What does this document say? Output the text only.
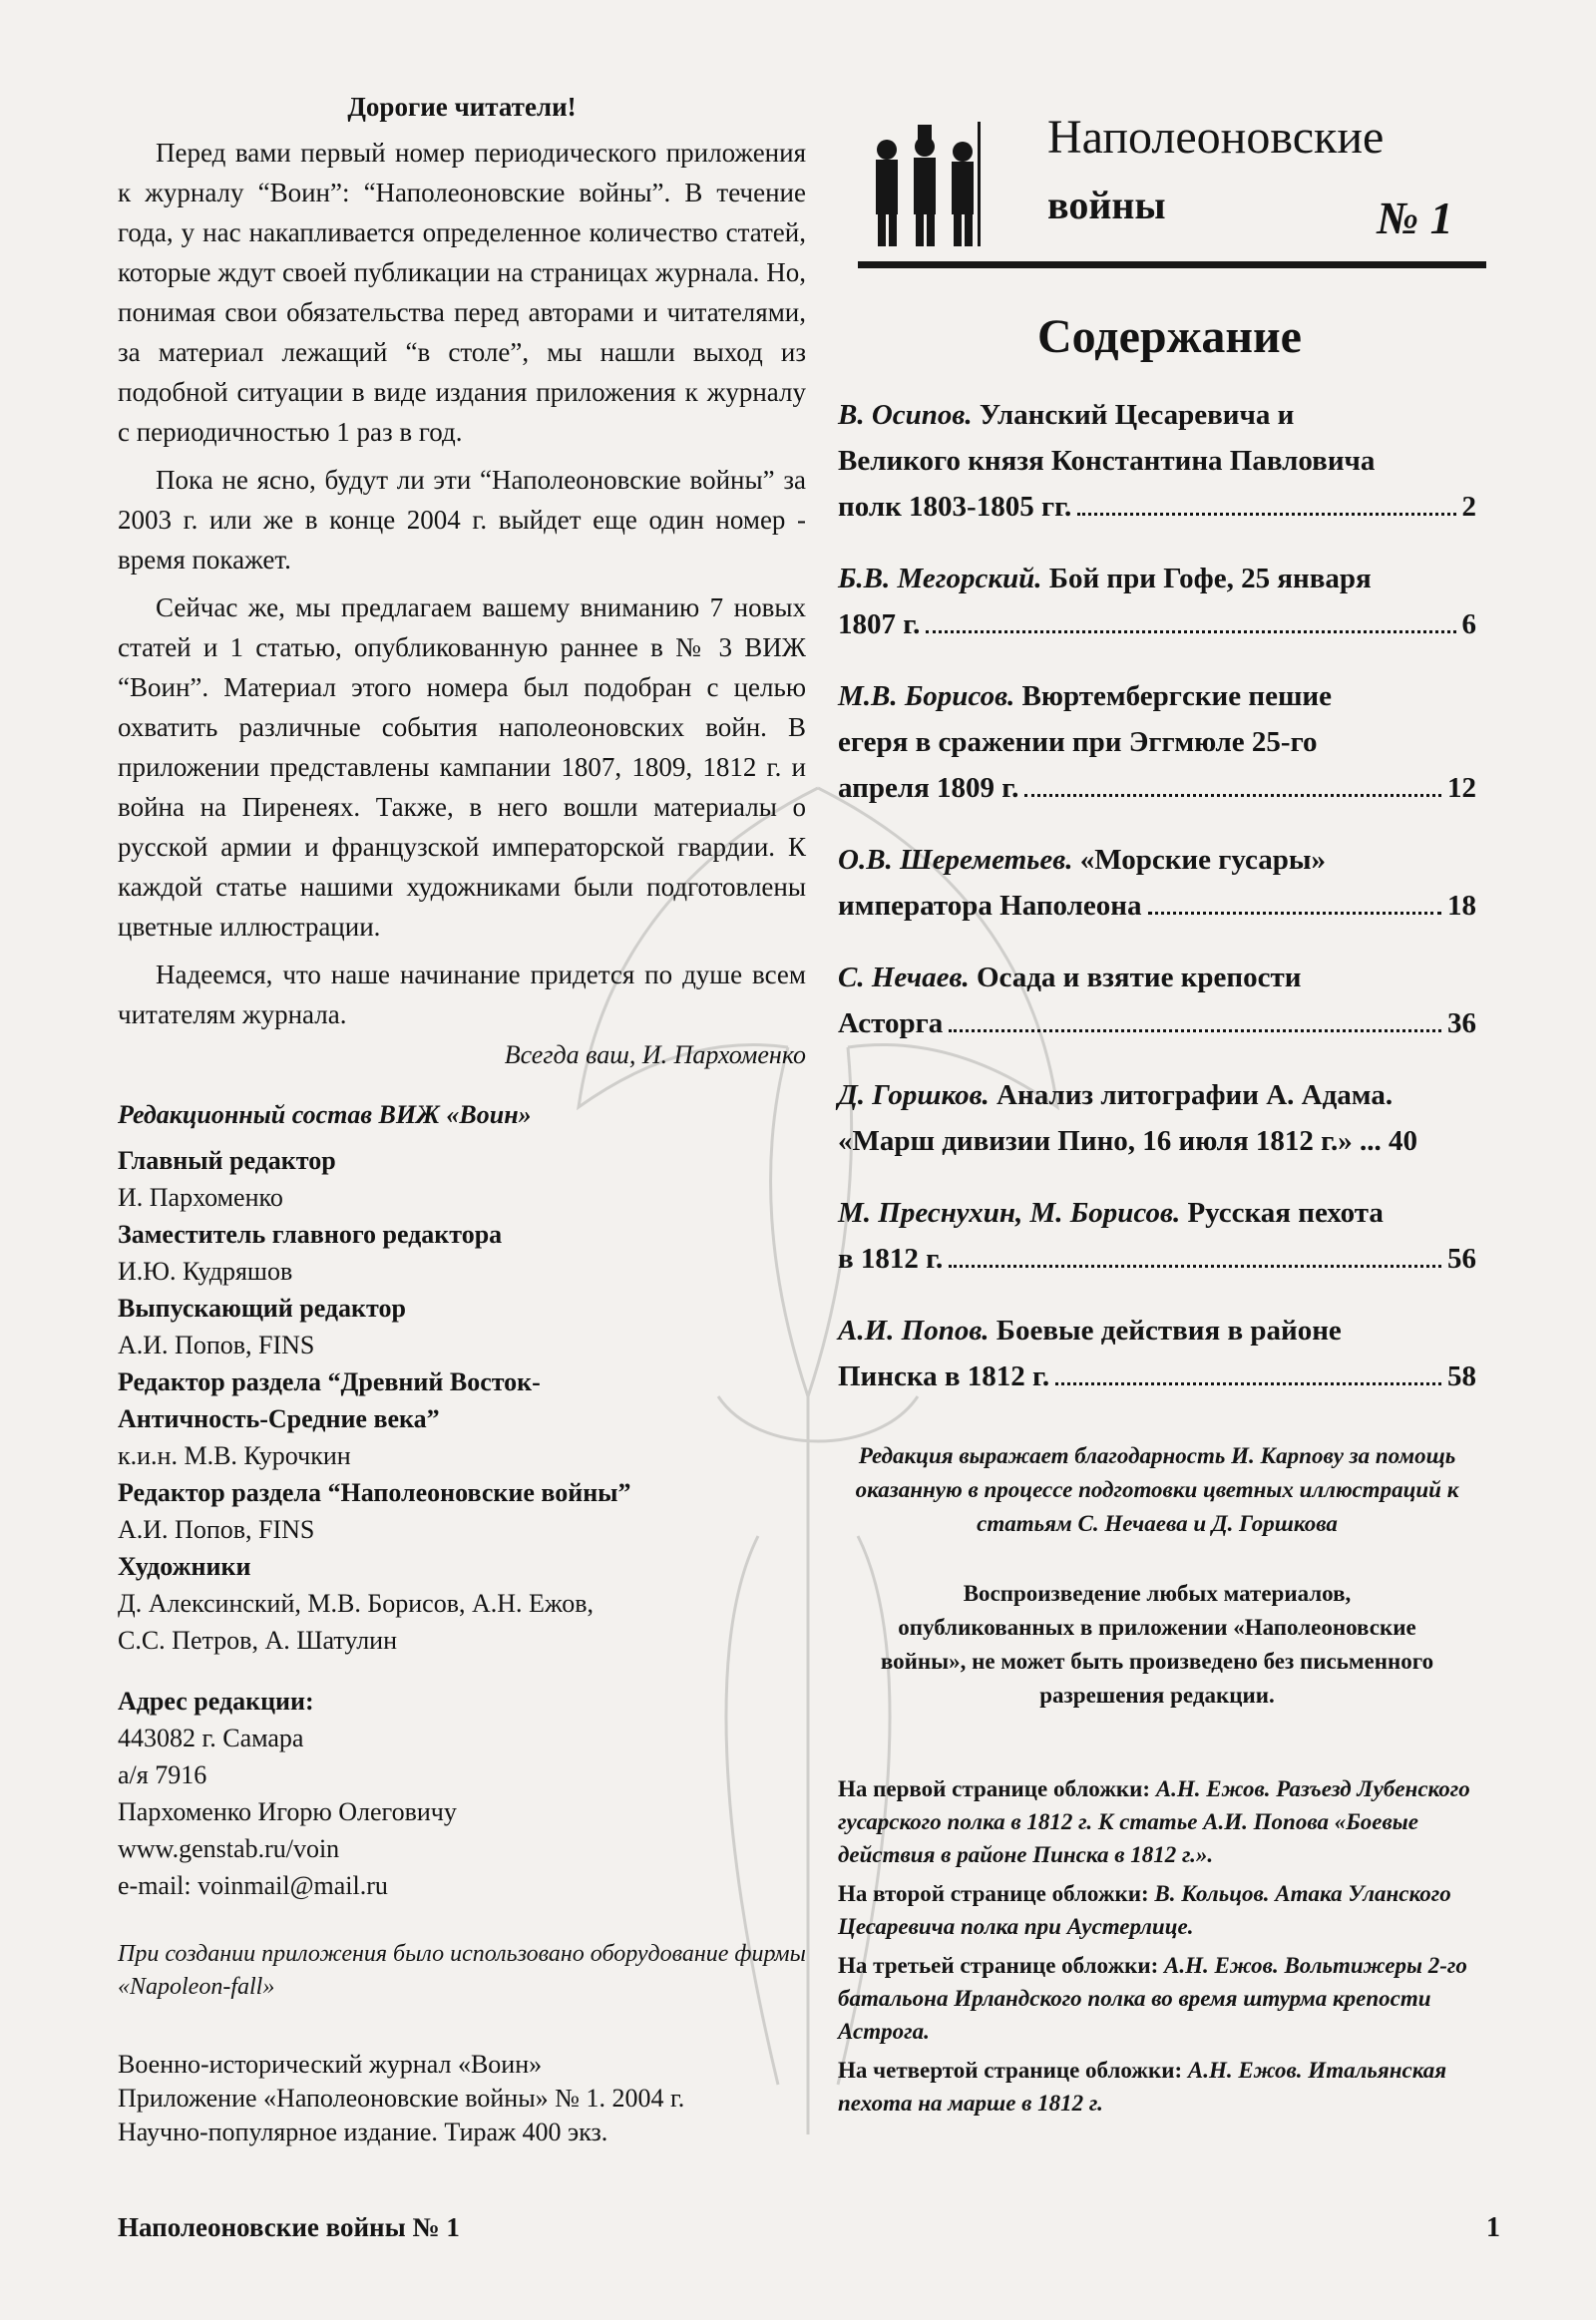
Дорогие читатели!

Перед вами первый номер периодического приложения к журналу “Воин”: “Наполеоновские войны”. В течение года, у нас накапливается определенное количество статей, которые ждут своей публикации на страницах журнала. Но, понимая свои обязательства перед авторами и читателями, за материал лежащий “в столе”, мы нашли выход из подобной ситуации в виде издания приложения к журналу с периодичностью 1 раз в год.

Пока не ясно, будут ли эти “Наполеоновские войны” за 2003 г. или же в конце 2004 г. выйдет еще один номер - время покажет.

Сейчас же, мы предлагаем вашему вниманию 7 новых статей и 1 статью, опубликованную раннее в № 3 ВИЖ “Воин”. Материал этого номера был подобран с целью охватить различные события наполеоновских войн. В приложении представлены кампании 1807, 1809, 1812 г. и война на Пиренеях. Также, в него вошли материалы о русской армии и французской императорской гвардии. К каждой статье нашими художниками были подготовлены цветные иллюстрации.

Надеемся, что наше начинание придется по душе всем читателям журнала.

Всегда ваш, И. Пархоменко
Редакционный состав ВИЖ «Воин»
Главный редактор
И. Пархоменко
Заместитель главного редактора
И.Ю. Кудряшов
Выпускающий редактор
А.И. Попов, FINS
Редактор раздела “Древний Восток-
Античность-Средние века”
к.и.н. М.В. Курочкин
Редактор раздела “Наполеоновские войны”
А.И. Попов, FINS
Художники
Д. Алексинский, М.В. Борисов, А.Н. Ежов,
С.С. Петров, А. Шатулин
Адрес редакции:
443082 г. Самара
а/я 7916
Пархоменко Игорю Олеговичу
www.genstab.ru/voin
e-mail: voinmail@mail.ru
При создании приложения было использовано оборудование фирмы «Napoleon-fall»
Военно-исторический журнал «Воин»
Приложение «Наполеоновские войны» № 1. 2004 г.
Научно-популярное издание. Тираж 400 экз.
Наполеоновские
войны	№ 1
Содержание
В. Осипов. Уланский Цесаревича и
Великого князя Константина Павловича
полк 1803-1805 гг.	2
Б.В. Мегорский. Бой при Гофе, 25 января
1807 г.	6
М.В. Борисов. Вюртембергские пешие
егеря в сражении при Эггмюле 25-го
апреля 1809 г.	12
О.В. Шереметьев. «Морские гусары»
императора Наполеона	18
С. Нечаев. Осада и взятие крепости
Асторга	36
Д. Горшков. Анализ литографии А. Адама.
«Марш дивизии Пино, 16 июля 1812 г.» ... 40
М. Преснухин, М. Борисов. Русская пехота
в 1812 г.	56
А.И. Попов. Боевые действия в районе
Пинска в 1812 г.	58
Редакция выражает благодарность И. Карпову за помощь оказанную в процессе подготовки цветных иллюстраций к статьям С. Нечаева и Д. Горшкова
Воспроизведение любых материалов, опубликованных в приложении «Наполеоновские войны», не может быть произведено без письменного разрешения редакции.
На первой странице обложки: А.Н. Ежов. Разъезд Лубенского гусарского полка в 1812 г. К статье А.И. Попова «Боевые действия в районе Пинска в 1812 г.».
На второй странице обложки: В. Кольцов. Атака Уланского Цесаревича полка при Аустерлице.
На третьей странице обложки: А.Н. Ежов. Вольтижеры 2-го батальона Ирландского полка во время штурма крепости Астрога.
На четвертой странице обложки: А.Н. Ежов. Итальянская пехота на марше в 1812 г.
Наполеоновские войны № 1	1
